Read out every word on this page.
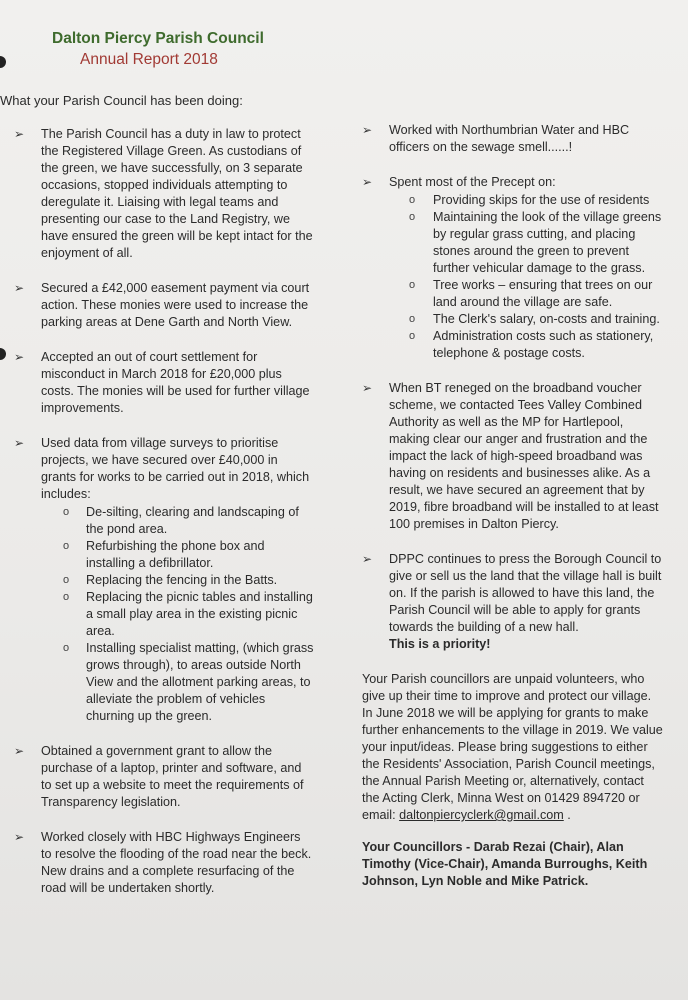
Dalton Piercy Parish Council
Annual Report 2018
What your Parish Council has been doing:
➢ The Parish Council has a duty in law to protect the Registered Village Green. As custodians of the green, we have successfully, on 3 separate occasions, stopped individuals attempting to deregulate it. Liaising with legal teams and presenting our case to the Land Registry, we have ensured the green will be kept intact for the enjoyment of all.
➢ Secured a £42,000 easement payment via court action. These monies were used to increase the parking areas at Dene Garth and North View.
➢ Accepted an out of court settlement for misconduct in March 2018 for £20,000 plus costs. The monies will be used for further village improvements.
➢ Used data from village surveys to prioritise projects, we have secured over £40,000 in grants for works to be carried out in 2018, which includes:
o De-silting, clearing and landscaping of the pond area.
o Refurbishing the phone box and installing a defibrillator.
o Replacing the fencing in the Batts.
o Replacing the picnic tables and installing a small play area in the existing picnic area.
o Installing specialist matting, (which grass grows through), to areas outside North View and the allotment parking areas, to alleviate the problem of vehicles churning up the green.
➢ Obtained a government grant to allow the purchase of a laptop, printer and software, and to set up a website to meet the requirements of Transparency legislation.
➢ Worked closely with HBC Highways Engineers to resolve the flooding of the road near the beck. New drains and a complete resurfacing of the road will be undertaken shortly.
➢ Worked with Northumbrian Water and HBC officers on the sewage smell......!
➢ Spent most of the Precept on:
o Providing skips for the use of residents
o Maintaining the look of the village greens by regular grass cutting, and placing stones around the green to prevent further vehicular damage to the grass.
o Tree works – ensuring that trees on our land around the village are safe.
o The Clerk's salary, on-costs and training.
o Administration costs such as stationery, telephone & postage costs.
➢ When BT reneged on the broadband voucher scheme, we contacted Tees Valley Combined Authority as well as the MP for Hartlepool, making clear our anger and frustration and the impact the lack of high-speed broadband was having on residents and businesses alike. As a result, we have secured an agreement that by 2019, fibre broadband will be installed to at least 100 premises in Dalton Piercy.
➢ DPPC continues to press the Borough Council to give or sell us the land that the village hall is built on. If the parish is allowed to have this land, the Parish Council will be able to apply for grants towards the building of a new hall.
This is a priority!
Your Parish councillors are unpaid volunteers, who give up their time to improve and protect our village. In June 2018 we will be applying for grants to make further enhancements to the village in 2019. We value your input/ideas. Please bring suggestions to either the Residents' Association, Parish Council meetings, the Annual Parish Meeting or, alternatively, contact the Acting Clerk, Minna West on 01429 894720 or email: daltonpiercyclerk@gmail.com .
Your Councillors - Darab Rezai (Chair), Alan Timothy (Vice-Chair), Amanda Burroughs, Keith Johnson, Lyn Noble and Mike Patrick.
